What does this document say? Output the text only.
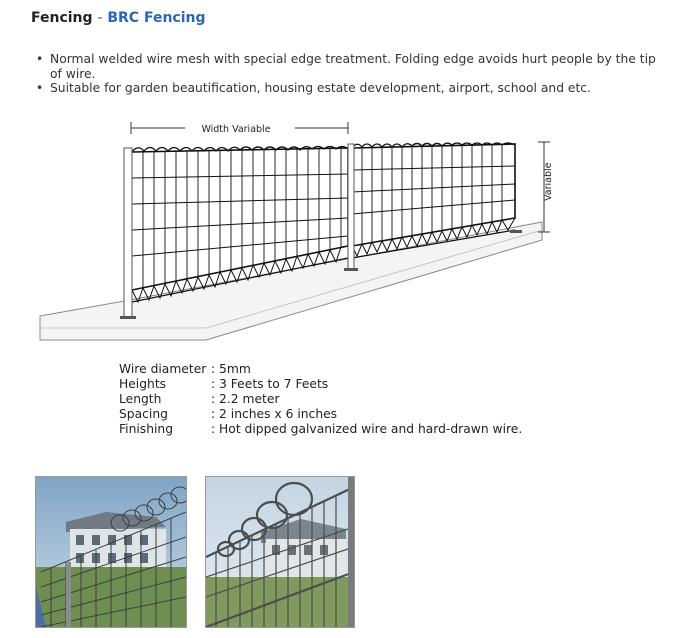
Fencing - BRC Fencing
• Normal welded wire mesh with special edge treatment. Folding edge avoids hurt people by the tip of wire.
• Suitable for garden beautification, housing estate development, airport, school and etc.
Width Variable
Variable
Wire diameter	: 5mm
Heights	: 3 Feets to 7 Feets
Length	: 2.2 meter
Spacing	: 2 inches x 6 inches
Finishing	: Hot dipped galvanized wire and hard-drawn wire.
